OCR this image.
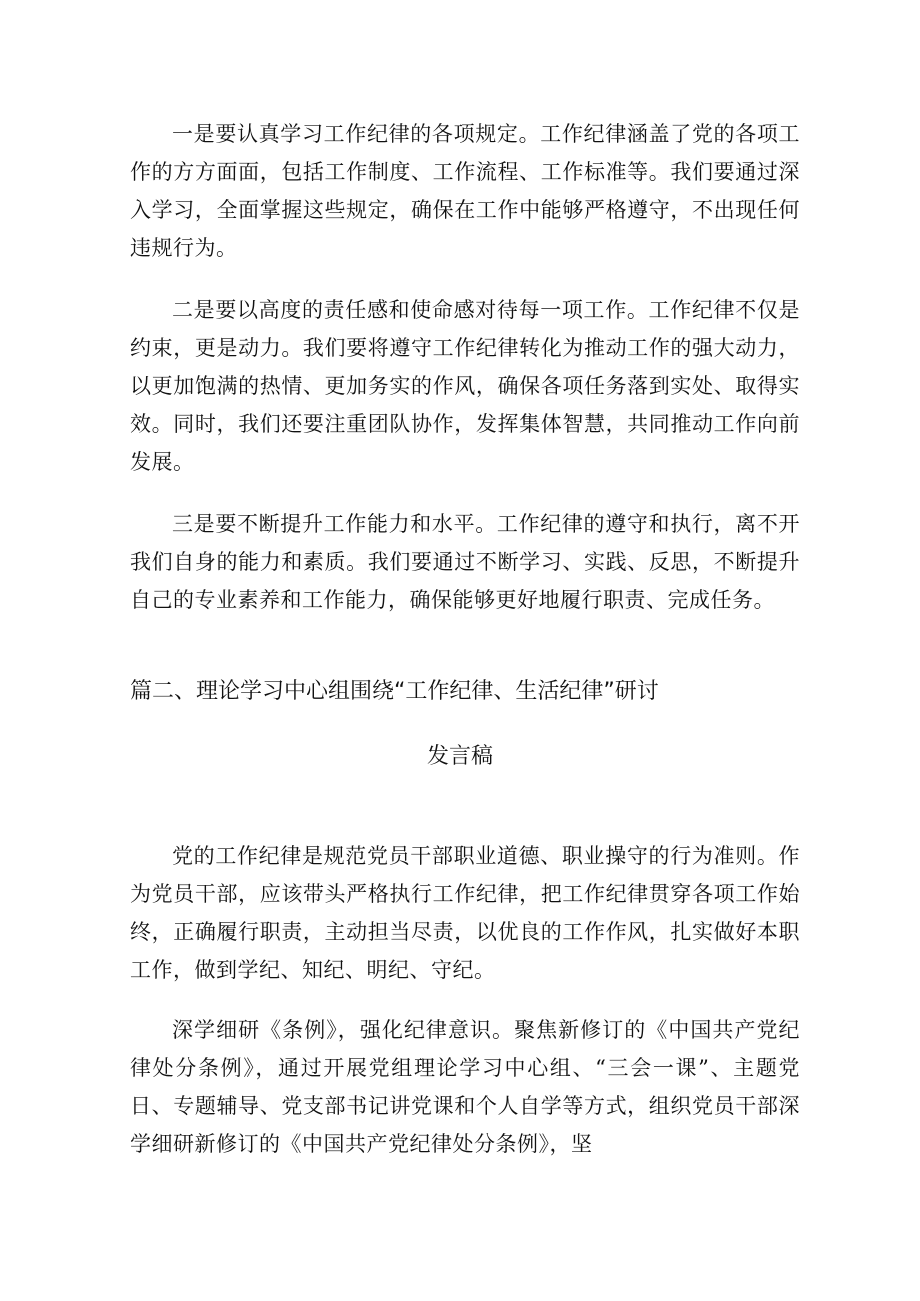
一是要认真学习工作纪律的各项规定。工作纪律涵盖了党的各项工作的方方面面，包括工作制度、工作流程、工作标准等。我们要通过深入学习，全面掌握这些规定，确保在工作中能够严格遵守，不出现任何违规行为。

二是要以高度的责任感和使命感对待每一项工作。工作纪律不仅是约束，更是动力。我们要将遵守工作纪律转化为推动工作的强大动力，以更加饱满的热情、更加务实的作风，确保各项任务落到实处、取得实效。同时，我们还要注重团队协作，发挥集体智慧，共同推动工作向前发展。

三是要不断提升工作能力和水平。工作纪律的遵守和执行，离不开我们自身的能力和素质。我们要通过不断学习、实践、反思，不断提升自己的专业素养和工作能力，确保能够更好地履行职责、完成任务。

篇二、理论学习中心组围绕“工作纪律、生活纪律”研讨
发言稿

党的工作纪律是规范党员干部职业道德、职业操守的行为准则。作为党员干部，应该带头严格执行工作纪律，把工作纪律贯穿各项工作始终，正确履行职责，主动担当尽责，以优良的工作作风，扎实做好本职工作，做到学纪、知纪、明纪、守纪。

深学细研《条例》，强化纪律意识。聚焦新修订的《中国共产党纪律处分条例》，通过开展党组理论学习中心组、“三会一课”、主题党日、专题辅导、党支部书记讲党课和个人自学等方式，组织党员干部深学细研新修订的《中国共产党纪律处分条例》，坚
